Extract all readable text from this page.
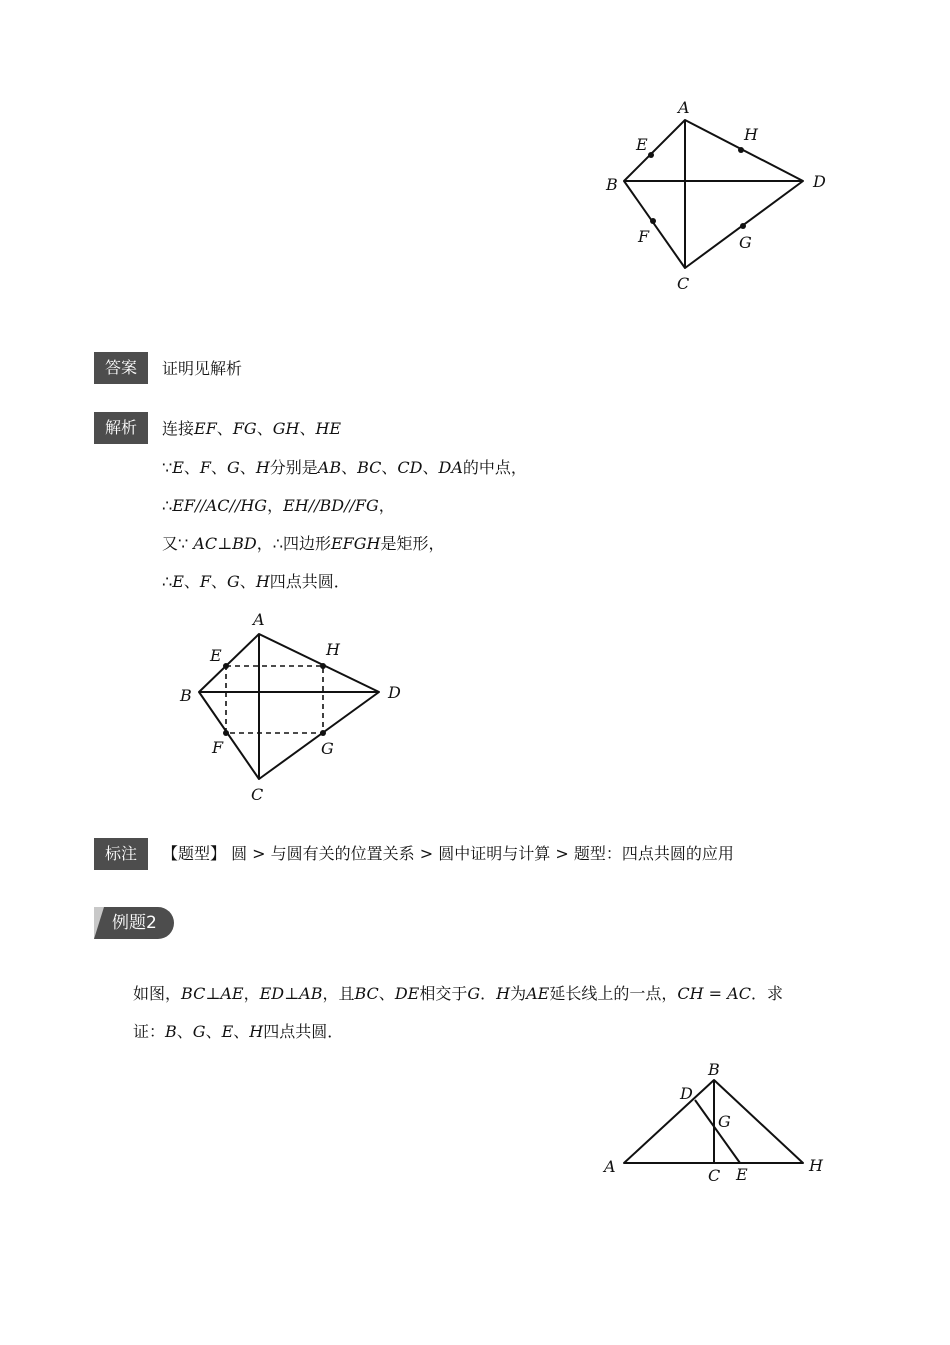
A
B
C
D
E
F	G
H
答案	证明见解析
解析	连接EF、FG、GH、HE
∵E、F、G、H分别是AB、BC、CD、DA的中点，
∴EF//AC//HG，EH//BD//FG，
又∵ AC⊥BD，∴四边形EFGH是矩形，
∴E、F、G、H四点共圆．
A
B
C
D
E
F	G
H
标注	【题型】 圆 > 与圆有关的位置关系 > 圆中证明与计算 > 题型：四点共圆的应用
例题2
如图，BC⊥AE，ED⊥AB，且BC、DE相交于G．H为AE延长线上的一点，CH = AC．求
证：B、G、E、H四点共圆．
A
B
C
D
E
G
H
